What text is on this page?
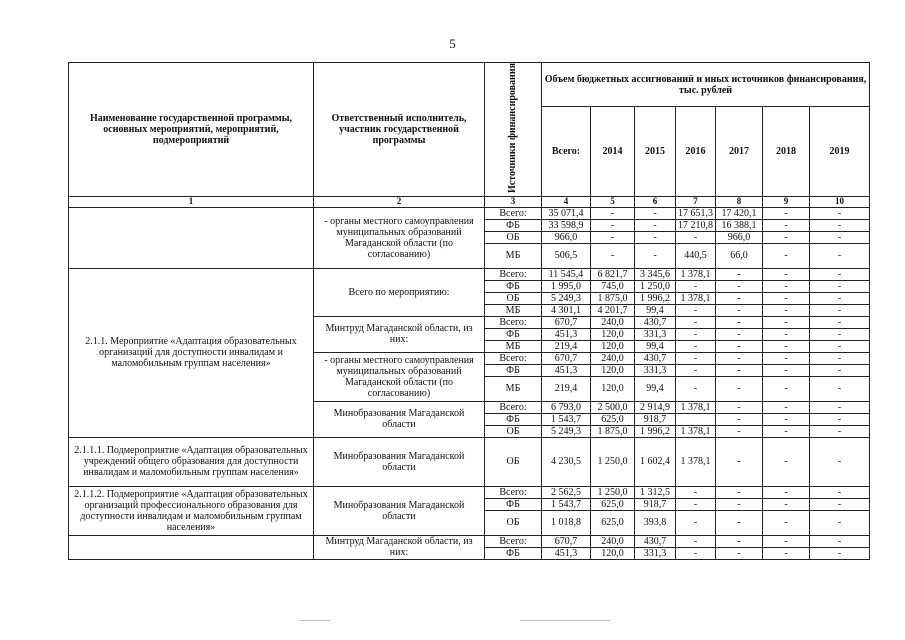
5
Наименование государственной программы, основных мероприятий, мероприятий, подмероприятий	Ответственный исполнитель, участник государственной программы	Источники финансирования	Объем бюджетных ассигнований и иных источников финансирования, тыс. рублей						
			Всего:	2014	2015	2016	2017	2018	2019
1	2	3	4	5	6	7	8	9	10
	- органы местного самоуправления муниципальных образований Магаданской области (по согласованию)	Всего:	35 071,4	-	-	17 651,3	17 420,1	-	-
		ФБ	33 598,9	-	-	17 210,8	16 388,1	-	-
		ОБ	966,0	-	-	-	966,0	-	-
		МБ	506,5	-	-	440,5	66,0	-	-
2.1.1. Мероприятие «Адаптация образовательных организаций для доступности инвалидам и маломобильным группам населения»	Всего по мероприятию:	Всего:	11 545,4	6 821,7	3 345,6	1 378,1	-	-	-
		ФБ	1 995,0	745,0	1 250,0	-	-	-	-
		ОБ	5 249,3	1 875,0	1 996,2	1 378,1	-	-	-
		МБ	4 301,1	4 201,7	99,4	-	-	-	-
	Минтруд Магаданской области, из них:	Всего:	670,7	240,0	430,7	-	-	-	-
		ФБ	451,3	120,0	331,3	-	-	-	-
		МБ	219,4	120,0	99,4	-	-	-	-
	- органы местного самоуправления муниципальных образований Магаданской области (по согласованию)	Всего:	670,7	240,0	430,7	-	-	-	-
		ФБ	451,3	120,0	331,3	-	-	-	-
		МБ	219,4	120,0	99,4	-	-	-	-
	Минобразования Магаданской области	Всего:	6 793,0	2 500,0	2 914,9	1 378,1	-	-	-
		ФБ	1 543,7	625,0	918,7		-	-	-
		ОБ	5 249,3	1 875,0	1 996,2	1 378,1	-	-	-
2.1.1.1. Подмероприятие «Адаптация образовательных учреждений общего образования для доступности инвалидам и маломобильным группам населения»	Минобразования Магаданской области	ОБ	4 230,5	1 250,0	1 602,4	1 378,1	-	-	-
2.1.1.2. Подмероприятие «Адаптация образовательных организаций профессионального образования для доступности инвалидам и маломобильным группам населения»	Минобразования Магаданской области	Всего:	2 562,5	1 250,0	1 312,5	-	-	-	-
		ФБ	1 543,7	625,0	918,7	-	-	-	-
		ОБ	1 018,8	625,0	393,8	-	-	-	-
	Минтруд Магаданской области, из них:	Всего:	670,7	240,0	430,7	-	-	-	-
		ФБ	451,3	120,0	331,3	-	-	-	-
